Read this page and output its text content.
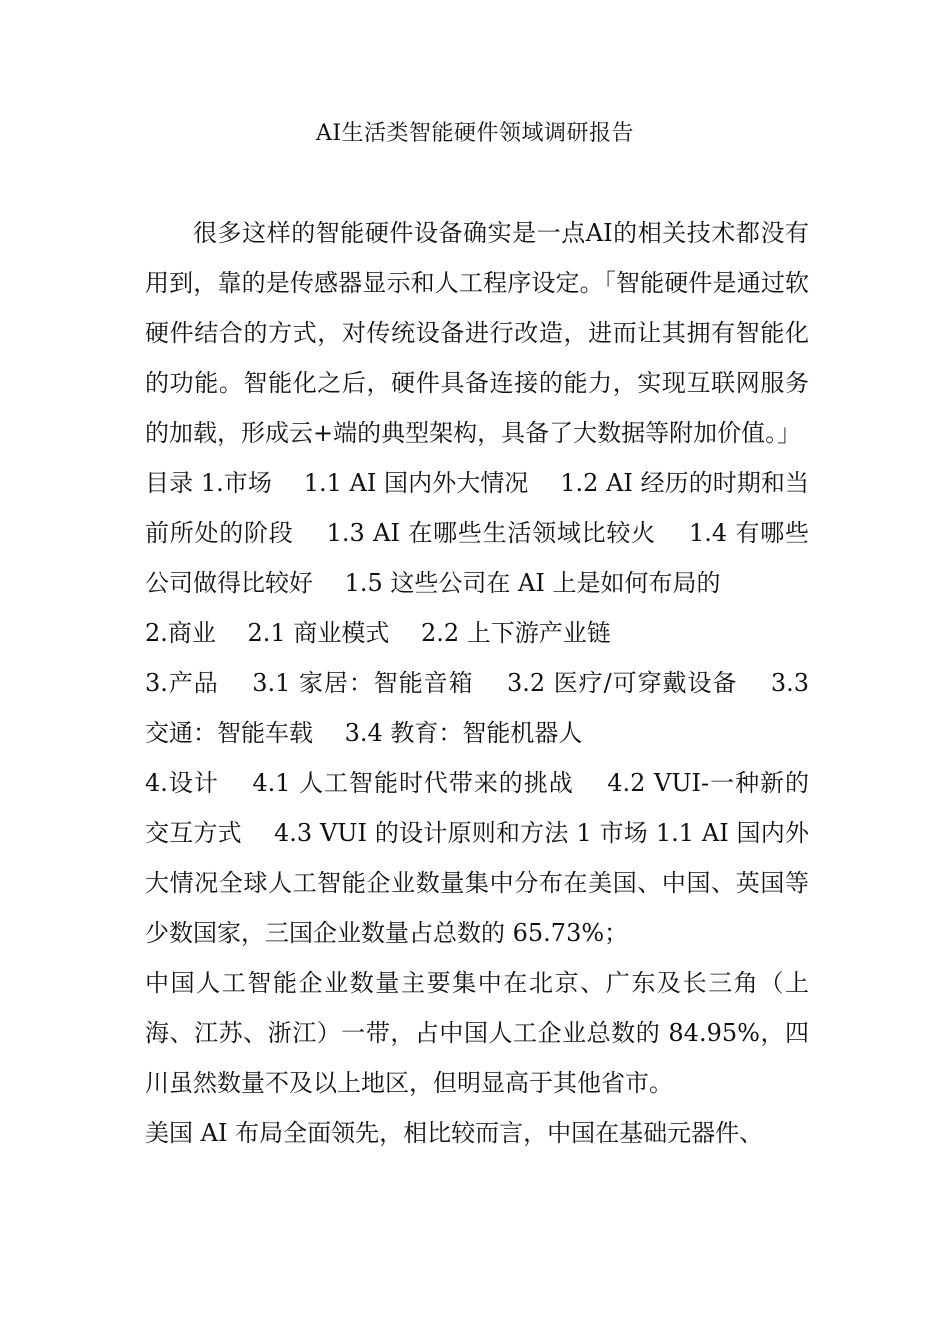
AI生活类智能硬件领域调研报告

很多这样的智能硬件设备确实是一点AI的相关技术都没有用到，靠的是传感器显示和人工程序设定。「智能硬件是通过软硬件结合的方式，对传统设备进行改造，进而让其拥有智能化的功能。智能化之后，硬件具备连接的能力，实现互联网服务的加载，形成云+端的典型架构，具备了大数据等附加价值。」

目录 1.市场　 1.1 AI 国内外大情况　 1.2 AI 经历的时期和当前所处的阶段　 1.3 AI 在哪些生活领域比较火　 1.4 有哪些公司做得比较好　 1.5 这些公司在 AI 上是如何布局的

2.商业　 2.1 商业模式　 2.2 上下游产业链

3.产品　 3.1 家居：智能音箱　 3.2 医疗/可穿戴设备　 3.3 交通：智能车载　 3.4 教育：智能机器人

4.设计　 4.1 人工智能时代带来的挑战　 4.2 VUI-一种新的交互方式　 4.3 VUI 的设计原则和方法 1 市场 1.1 AI 国内外大情况全球人工智能企业数量集中分布在美国、中国、英国等少数国家，三国企业数量占总数的 65.73%；

中国人工智能企业数量主要集中在北京、广东及长三角（上海、江苏、浙江）一带，占中国人工企业总数的 84.95%，四川虽然数量不及以上地区，但明显高于其他省市。

美国 AI 布局全面领先，相比较而言，中国在基础元器件、
